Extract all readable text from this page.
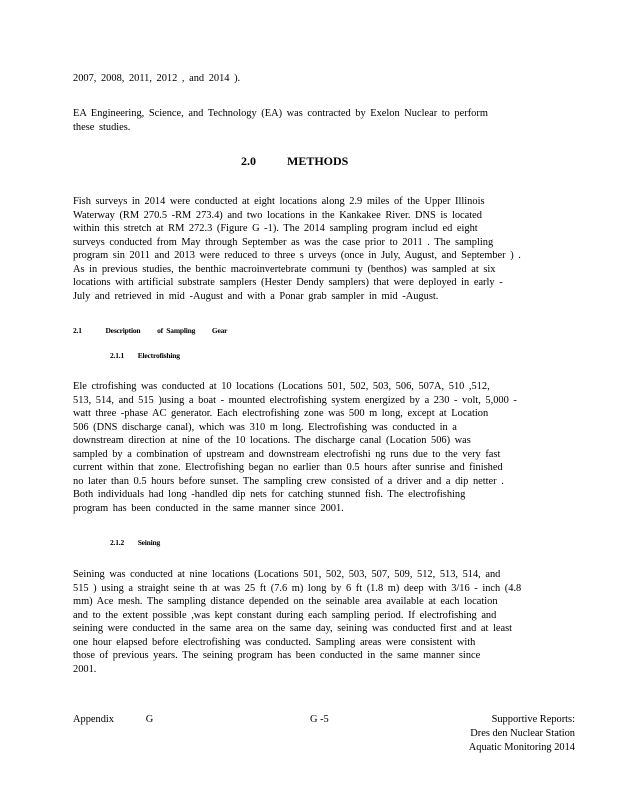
2007, 2008, 2011, 2012 , and 2014 ).

EA Engineering, Science, and Technology (EA) was contracted by Exelon Nuclear to perform
these studies.

2.0	METHODS

Fish surveys in 2014 were conducted at eight locations along 2.9 miles of the Upper Illinois
Waterway (RM 270.5 -RM 273.4) and two locations in the Kankakee River. DNS is located
within this stretch at RM 272.3 (Figure G -1). The 2014 sampling program includ ed eight
surveys conducted from May through September as was the case prior to 2011 . The sampling
program sin 2011 and 2013 were reduced to three s urveys (once in July, August, and September ) .
As in previous studies, the benthic macroinvertebrate communi ty (benthos) was sampled at six
locations with artificial substrate samplers (Hester Dendy samplers) that were deployed in early -
July and retrieved in mid -August and with a Ponar grab sampler in mid -August.

2.1	Description          of  Sampling          Gear
2.1.1 Electrofishing

Ele ctrofishing was conducted at 10 locations (Locations 501, 502, 503, 506, 507A, 510 ,512,
513, 514, and 515 )using a boat - mounted electrofishing system energized by a 230 - volt, 5,000 -
watt three -phase AC generator. Each electrofishing zone was 500 m long, except at Location
506 (DNS discharge canal), which was 310 m long. Electrofishing was conducted in a
downstream direction at nine of the 10 locations. The discharge canal (Location 506) was
sampled by a combination of upstream and downstream electrofishi ng runs due to the very fast
current within that zone. Electrofishing began no earlier than 0.5 hours after sunrise and finished
no later than 0.5 hours before sunset. The sampling crew consisted of a driver and a dip netter .
Both individuals had long -handled dip nets for catching stunned fish. The electrofishing
program has been conducted in the same manner since 2001.

2.1.2 Seining

Seining was conducted at nine locations (Locations 501, 502, 503, 507, 509, 512, 513, 514, and
515 ) using a straight seine th at was 25 ft (7.6 m) long by 6 ft (1.8 m) deep with 3/16 - inch (4.8
mm) Ace mesh. The sampling distance depended on the seinable area available at each location
and to the extent possible ,was kept constant during each sampling period. If electrofishing and
seining were conducted in the same area on the same day, seining was conducted first and at least
one hour elapsed before electrofishing was conducted. Sampling areas were consistent with
those of previous years. The seining program has been conducted in the same manner since
2001.

Appendix   G	G -5	Supportive Reports:
Dres den Nuclear Station
Aquatic Monitoring 2014
